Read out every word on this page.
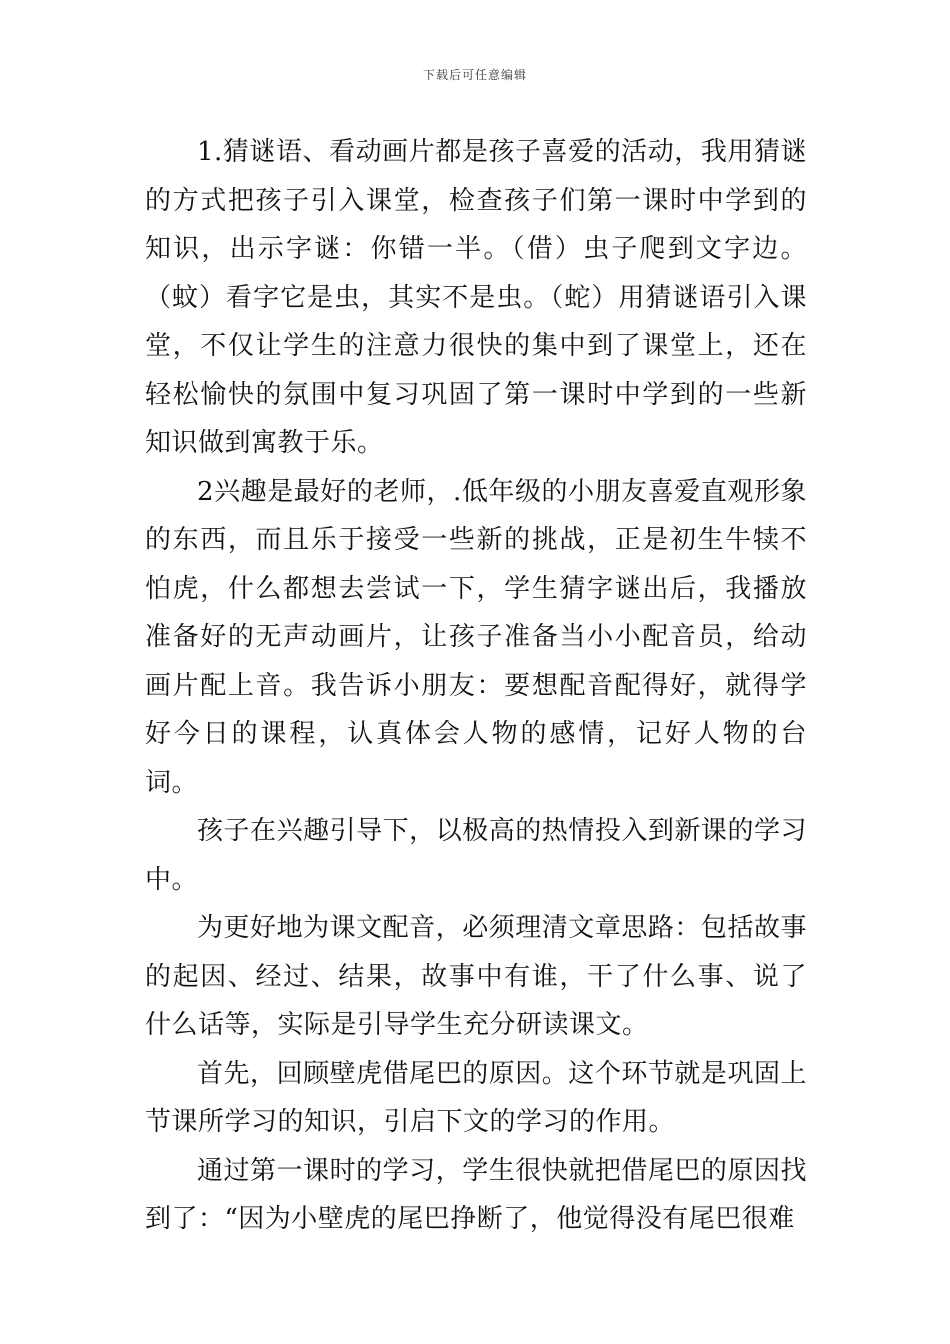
下载后可任意编辑

1.猜谜语、看动画片都是孩子喜爱的活动，我用猜谜的方式把孩子引入课堂，检查孩子们第一课时中学到的知识，出示字谜：你错一半。（借）虫子爬到文字边。（蚊）看字它是虫，其实不是虫。（蛇）用猜谜语引入课堂，不仅让学生的注意力很快的集中到了课堂上，还在轻松愉快的氛围中复习巩固了第一课时中学到的一些新知识做到寓教于乐。

2兴趣是最好的老师，.低年级的小朋友喜爱直观形象的东西，而且乐于接受一些新的挑战，正是初生牛犊不怕虎，什么都想去尝试一下，学生猜字谜出后，我播放准备好的无声动画片，让孩子准备当小小配音员，给动画片配上音。我告诉小朋友：要想配音配得好，就得学好今日的课程，认真体会人物的感情，记好人物的台词。

孩子在兴趣引导下，以极高的热情投入到新课的学习中。

为更好地为课文配音，必须理清文章思路：包括故事的起因、经过、结果，故事中有谁，干了什么事、说了什么话等，实际是引导学生充分研读课文。

首先，回顾壁虎借尾巴的原因。这个环节就是巩固上节课所学习的知识，引启下文的学习的作用。

通过第一课时的学习，学生很快就把借尾巴的原因找到了：“因为小壁虎的尾巴挣断了，他觉得没有尾巴很难
